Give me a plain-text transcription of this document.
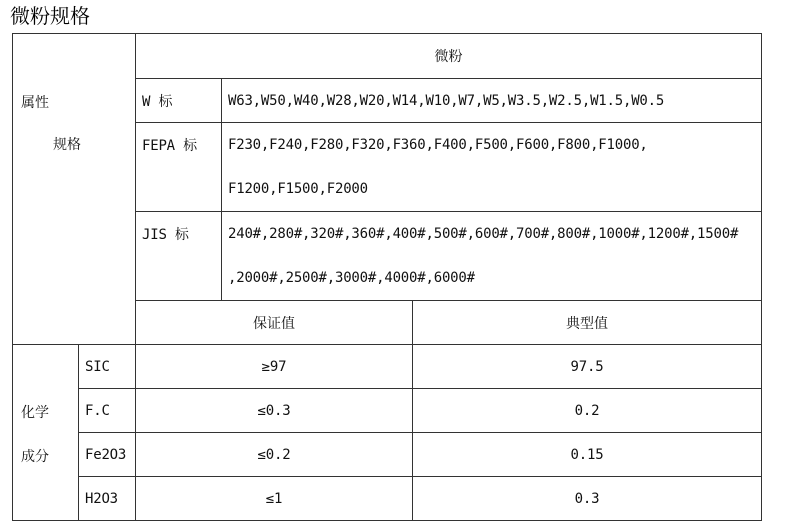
微粉规格
属性
规格		微粉		
		W 标	W63,W50,W40,W28,W20,W14,W10,W7,W5,W3.5,W2.5,W1.5,W0.5	
		FEPA 标	F230,F240,F280,F320,F360,F400,F500,F600,F800,F1000,
F1200,F1500,F2000	

		JIS 标	240#,280#,320#,360#,400#,500#,600#,700#,800#,1000#,1200#,1500#
,2000#,2500#,3000#,4000#,6000#	

		保证值		典型值

化学
成分	SIC	≥97		97.5
	F.C	≤0.3		0.2
	Fe2O3	≤0.2		0.15
	H2O3	≤1		0.3
